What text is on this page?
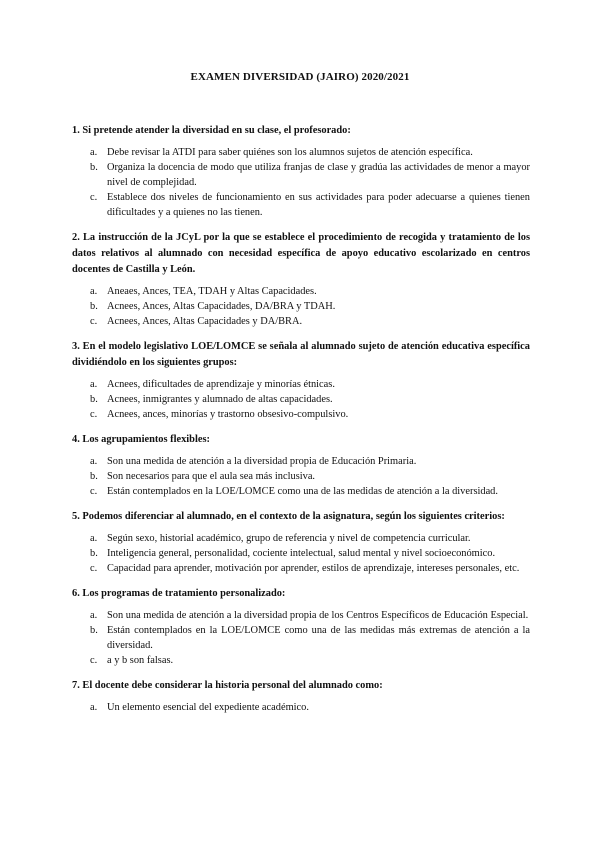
EXAMEN DIVERSIDAD (JAIRO) 2020/2021

1. Si pretende atender la diversidad en su clase, el profesorado:

a. Debe revisar la ATDI para saber quiénes son los alumnos sujetos de atención específica.
b. Organiza la docencia de modo que utiliza franjas de clase y gradúa las actividades de menor a mayor nivel de complejidad.
c. Establece dos niveles de funcionamiento en sus actividades para poder adecuarse a quienes tienen dificultades y a quienes no las tienen.

2. La instrucción de la JCyL por la que se establece el procedimiento de recogida y tratamiento de los datos relativos al alumnado con necesidad específica de apoyo educativo escolarizado en centros docentes de Castilla y León.

a. Aneaes, Ances, TEA, TDAH y Altas Capacidades.
b. Acnees, Ances, Altas Capacidades, DA/BRA y TDAH.
c. Acnees, Ances, Altas Capacidades y DA/BRA.

3. En el modelo legislativo LOE/LOMCE se señala al alumnado sujeto de atención educativa específica dividiéndolo en los siguientes grupos:

a. Acnees, dificultades de aprendizaje y minorías étnicas.
b. Acnees, inmigrantes y alumnado de altas capacidades.
c. Acnees, ances, minorías y trastorno obsesivo-compulsivo.

4. Los agrupamientos flexibles:

a. Son una medida de atención a la diversidad propia de Educación Primaria.
b. Son necesarios para que el aula sea más inclusiva.
c. Están contemplados en la LOE/LOMCE como una de las medidas de atención a la diversidad.

5. Podemos diferenciar al alumnado, en el contexto de la asignatura, según los siguientes criterios:

a. Según sexo, historial académico, grupo de referencia y nivel de competencia curricular.
b. Inteligencia general, personalidad, cociente intelectual, salud mental y nivel socioeconómico.
c. Capacidad para aprender, motivación por aprender, estilos de aprendizaje, intereses personales, etc.

6. Los programas de tratamiento personalizado:

a. Son una medida de atención a la diversidad propia de los Centros Específicos de Educación Especial.
b. Están contemplados en la LOE/LOMCE como una de las medidas más extremas de atención a la diversidad.
c. a y b son falsas.

7. El docente debe considerar la historia personal del alumnado como:

a. Un elemento esencial del expediente académico.
